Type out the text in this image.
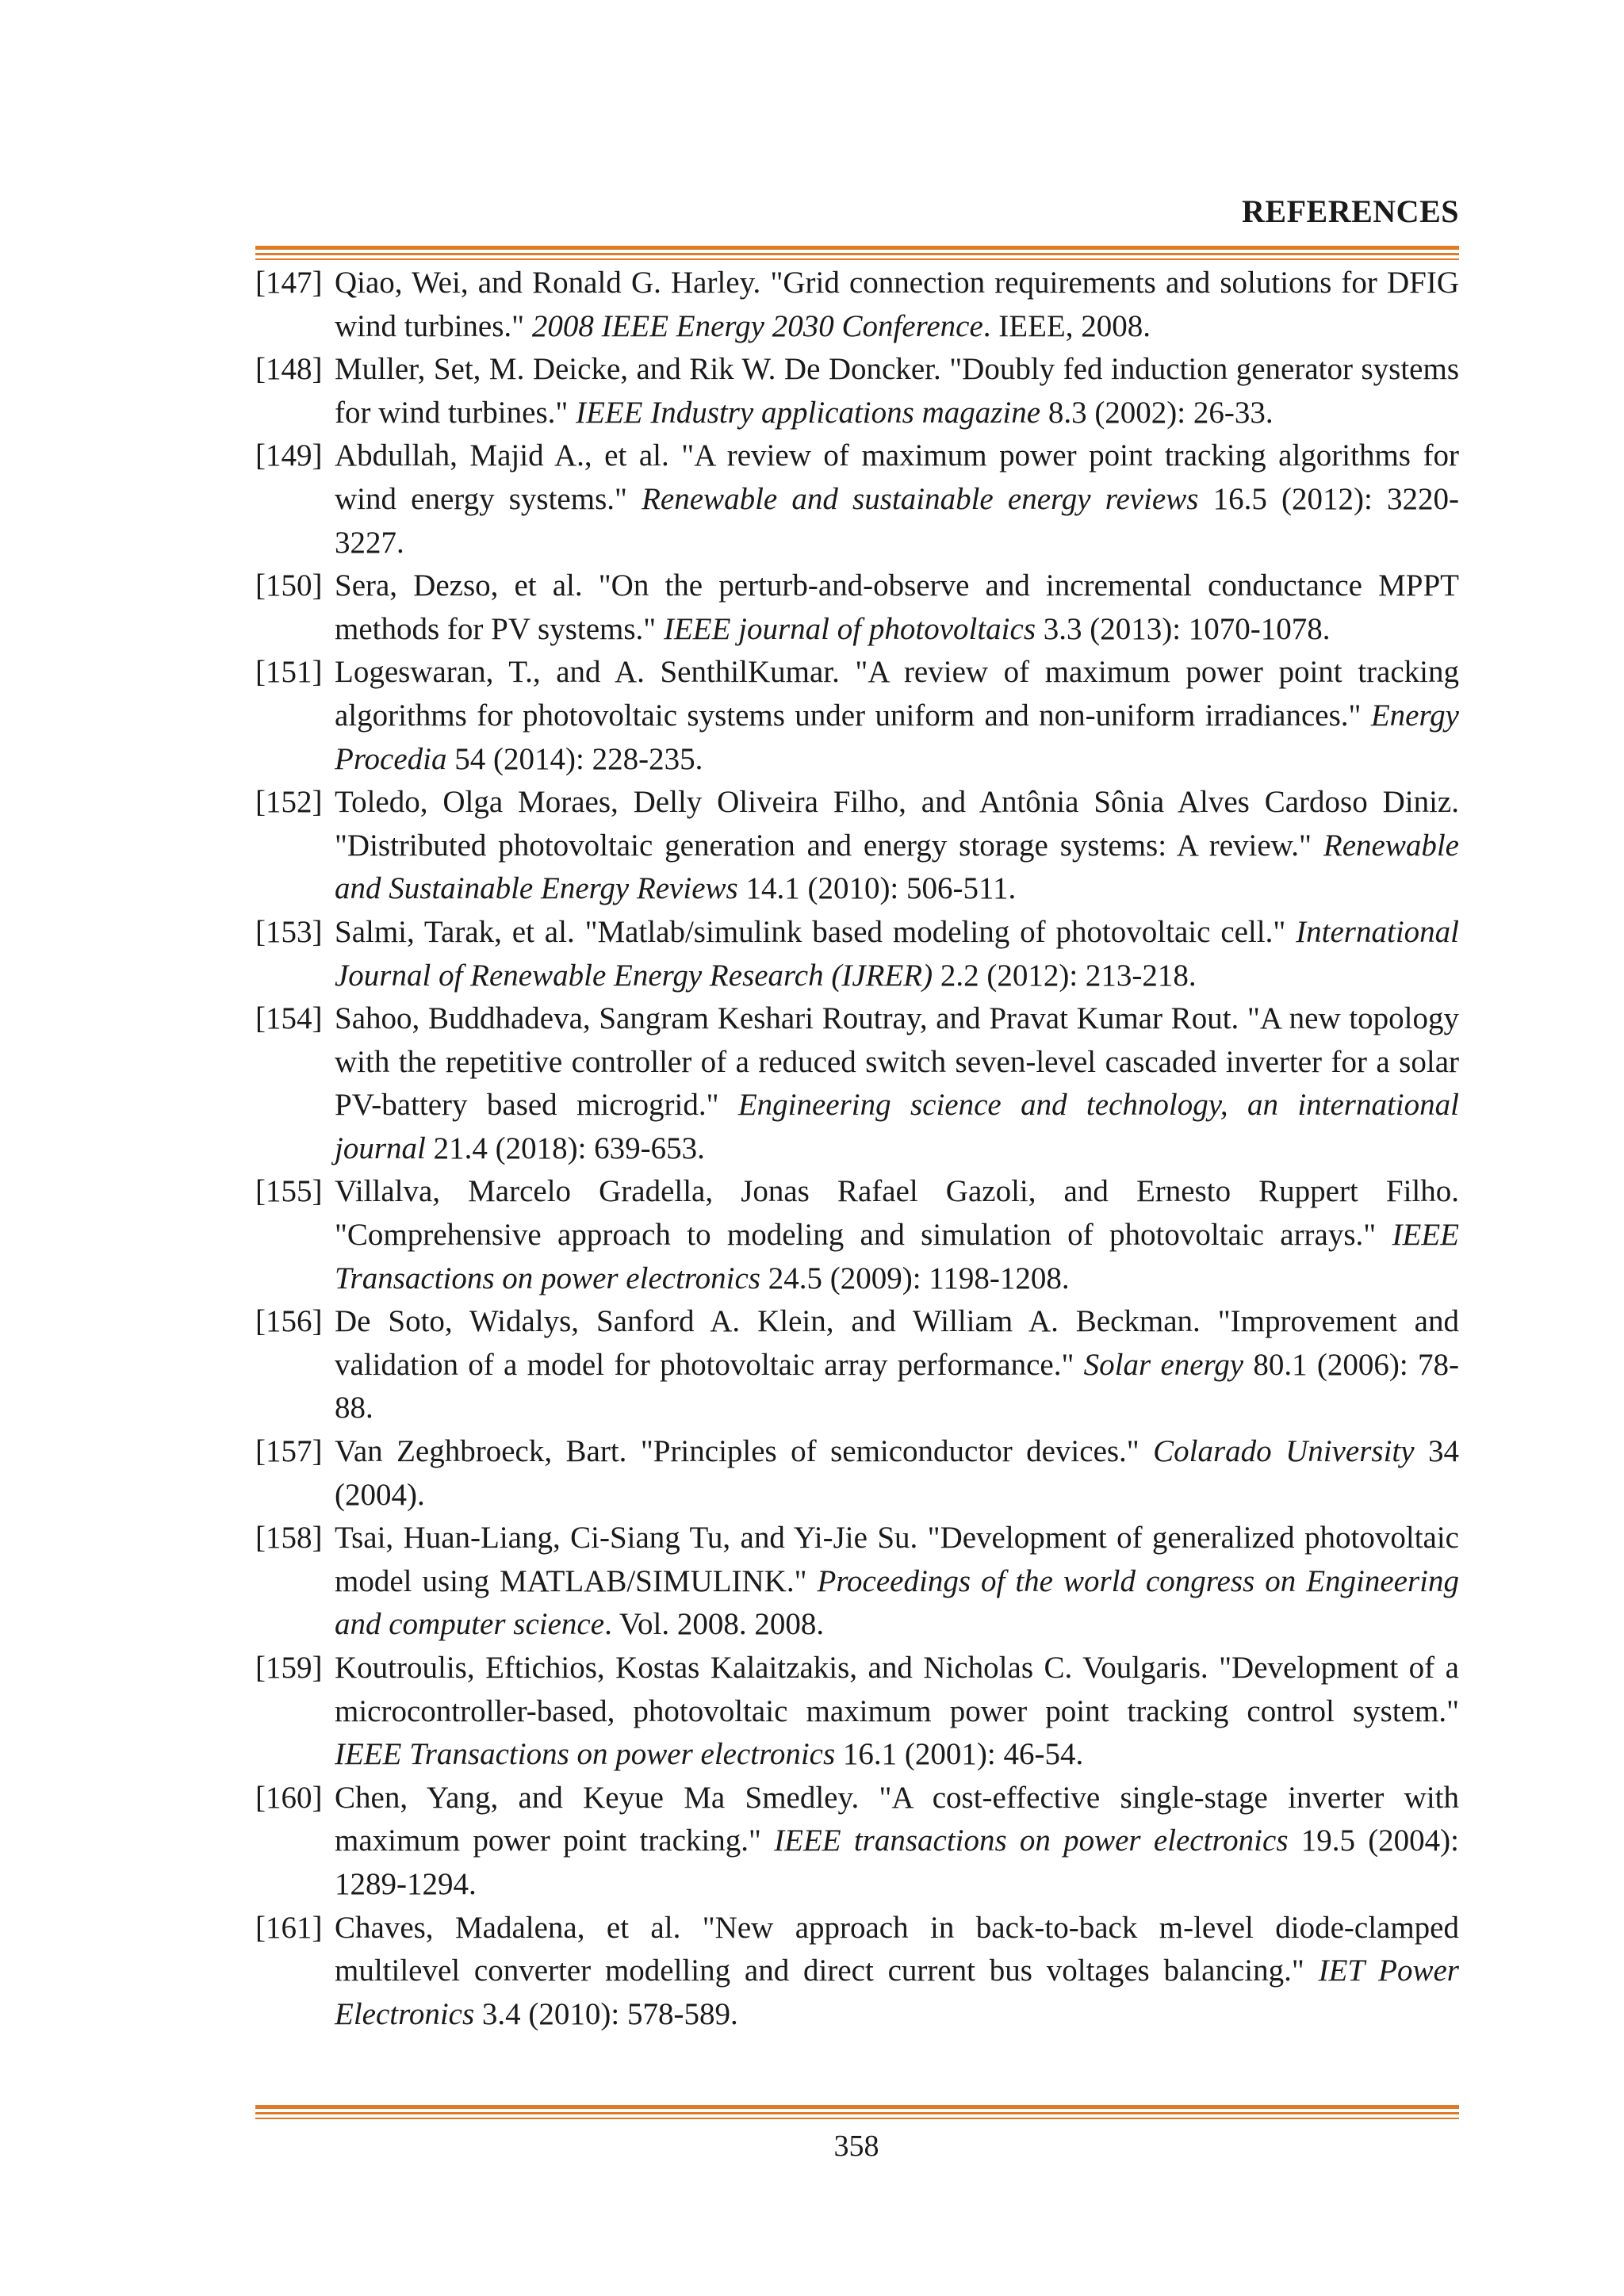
REFERENCES
[147] Qiao, Wei, and Ronald G. Harley. "Grid connection requirements and solutions for DFIG wind turbines." 2008 IEEE Energy 2030 Conference. IEEE, 2008.
[148] Muller, Set, M. Deicke, and Rik W. De Doncker. "Doubly fed induction generator systems for wind turbines." IEEE Industry applications magazine 8.3 (2002): 26-33.
[149] Abdullah, Majid A., et al. "A review of maximum power point tracking algorithms for wind energy systems." Renewable and sustainable energy reviews 16.5 (2012): 3220-3227.
[150] Sera, Dezso, et al. "On the perturb-and-observe and incremental conductance MPPT methods for PV systems." IEEE journal of photovoltaics 3.3 (2013): 1070-1078.
[151] Logeswaran, T., and A. SenthilKumar. "A review of maximum power point tracking algorithms for photovoltaic systems under uniform and non-uniform irradiances." Energy Procedia 54 (2014): 228-235.
[152] Toledo, Olga Moraes, Delly Oliveira Filho, and Antônia Sônia Alves Cardoso Diniz. "Distributed photovoltaic generation and energy storage systems: A review." Renewable and Sustainable Energy Reviews 14.1 (2010): 506-511.
[153] Salmi, Tarak, et al. "Matlab/simulink based modeling of photovoltaic cell." International Journal of Renewable Energy Research (IJRER) 2.2 (2012): 213-218.
[154] Sahoo, Buddhadeva, Sangram Keshari Routray, and Pravat Kumar Rout. "A new topology with the repetitive controller of a reduced switch seven-level cascaded inverter for a solar PV-battery based microgrid." Engineering science and technology, an international journal 21.4 (2018): 639-653.
[155] Villalva, Marcelo Gradella, Jonas Rafael Gazoli, and Ernesto Ruppert Filho. "Comprehensive approach to modeling and simulation of photovoltaic arrays." IEEE Transactions on power electronics 24.5 (2009): 1198-1208.
[156] De Soto, Widalys, Sanford A. Klein, and William A. Beckman. "Improvement and validation of a model for photovoltaic array performance." Solar energy 80.1 (2006): 78-88.
[157] Van Zeghbroeck, Bart. "Principles of semiconductor devices." Colarado University 34 (2004).
[158] Tsai, Huan-Liang, Ci-Siang Tu, and Yi-Jie Su. "Development of generalized photovoltaic model using MATLAB/SIMULINK." Proceedings of the world congress on Engineering and computer science. Vol. 2008. 2008.
[159] Koutroulis, Eftichios, Kostas Kalaitzakis, and Nicholas C. Voulgaris. "Development of a microcontroller-based, photovoltaic maximum power point tracking control system." IEEE Transactions on power electronics 16.1 (2001): 46-54.
[160] Chen, Yang, and Keyue Ma Smedley. "A cost-effective single-stage inverter with maximum power point tracking." IEEE transactions on power electronics 19.5 (2004): 1289-1294.
[161] Chaves, Madalena, et al. "New approach in back-to-back m-level diode-clamped multilevel converter modelling and direct current bus voltages balancing." IET Power Electronics 3.4 (2010): 578-589.
358
